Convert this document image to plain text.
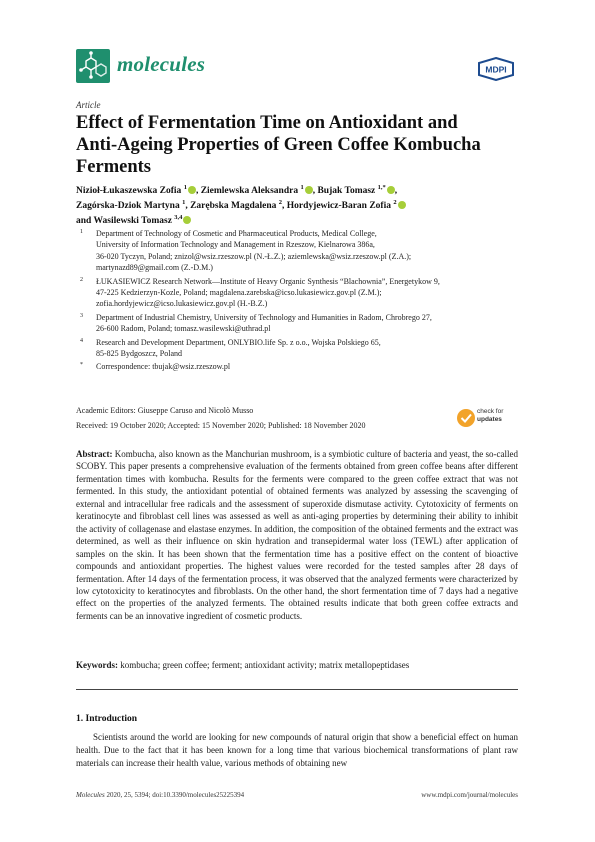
molecules	MDPI
Article
Effect of Fermentation Time on Antioxidant and Anti-Ageing Properties of Green Coffee Kombucha Ferments
Nizioł-Łukaszewska Zofia $^1$ , Ziemlewska Aleksandra $^1$ , Bujak Tomasz $^{1,*}$ ,
Zagórska-Dziok Martyna $^1$, Zarębska Magdalena $^2$, Hordyjewicz-Baran Zofia $^2$
and Wasilewski Tomasz $^{3,4}$
1 Department of Technology of Cosmetic and Pharmaceutical Products, Medical College,
University of Information Technology and Management in Rzeszow, Kielnarowa 386a,
36-020 Tyczyn, Poland; znizol@wsiz.rzeszow.pl (N.-Ł.Z.); aziemlewska@wsiz.rzeszow.pl (Z.A.);
martynazd89@gmail.com (Z.-D.M.)
2 ŁUKASIEWICZ Research Network—Institute of Heavy Organic Synthesis “Blachownia”, Energetykow 9,
47-225 Kedzierzyn-Kozle, Poland; magdalena.zarebska@icso.lukasiewicz.gov.pl (Z.M.);
zofia.hordyjewicz@icso.lukasiewicz.gov.pl (H.-B.Z.)
3 Department of Industrial Chemistry, University of Technology and Humanities in Radom, Chrobrego 27,
26-600 Radom, Poland; tomasz.wasilewski@uthrad.pl
4 Research and Development Department, ONLYBIO.life Sp. z o.o., Wojska Polskiego 65,
85-825 Bydgoszcz, Poland
* Correspondence: tbujak@wsiz.rzeszow.pl
Academic Editors: Giuseppe Caruso and Nicolò Musso
Received: 19 October 2020; Accepted: 15 November 2020; Published: 18 November 2020
check for
updates
Abstract: Kombucha, also known as the Manchurian mushroom, is a symbiotic culture of bacteria and yeast, the so-called SCOBY. This paper presents a comprehensive evaluation of the ferments obtained from green coffee beans after different fermentation times with kombucha. Results for the ferments were compared to the green coffee extract that was not fermented. In this study, the antioxidant potential of obtained ferments was analyzed by assessing the scavenging of external and intracellular free radicals and the assessment of superoxide dismutase activity. Cytotoxicity of ferments on keratinocyte and fibroblast cell lines was assessed as well as anti-aging properties by determining their ability to inhibit the activity of collagenase and elastase enzymes. In addition, the composition of the obtained ferments and the extract was determined, as well as their influence on skin hydration and transepidermal water loss (TEWL) after application of samples on the skin. It has been shown that the fermentation time has a positive effect on the content of bioactive compounds and antioxidant properties. The highest values were recorded for the tested samples after 28 days of fermentation. After 14 days of the fermentation process, it was observed that the analyzed ferments were characterized by low cytotoxicity to keratinocytes and fibroblasts. On the other hand, the short fermentation time of 7 days had a negative effect on the properties of the analyzed ferments. The obtained results indicate that both green coffee extracts and ferments can be an innovative ingredient of cosmetic products.
Keywords: kombucha; green coffee; ferment; antioxidant activity; matrix metallopeptidases
1. Introduction
Scientists around the world are looking for new compounds of natural origin that show a beneficial effect on human health. Due to the fact that it has been known for a long time that various biochemical transformations of plant raw materials can increase their health value, various methods of obtaining new
Molecules 2020, 25, 5394; doi:10.3390/molecules25225394	www.mdpi.com/journal/molecules
